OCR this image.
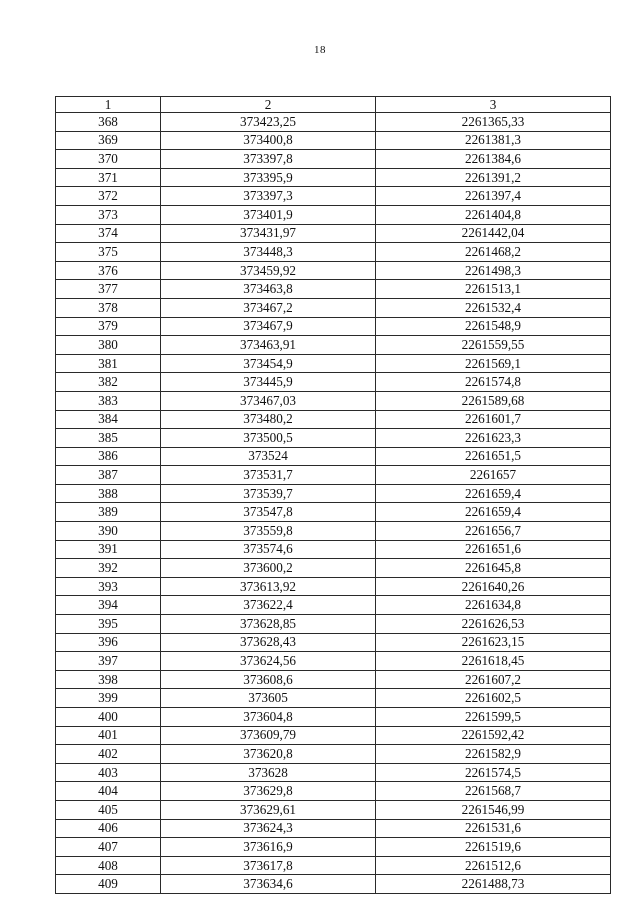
18
1	2	3
368	373423,25	2261365,33
369	373400,8	2261381,3
370	373397,8	2261384,6
371	373395,9	2261391,2
372	373397,3	2261397,4
373	373401,9	2261404,8
374	373431,97	2261442,04
375	373448,3	2261468,2
376	373459,92	2261498,3
377	373463,8	2261513,1
378	373467,2	2261532,4
379	373467,9	2261548,9
380	373463,91	2261559,55
381	373454,9	2261569,1
382	373445,9	2261574,8
383	373467,03	2261589,68
384	373480,2	2261601,7
385	373500,5	2261623,3
386	373524	2261651,5
387	373531,7	2261657
388	373539,7	2261659,4
389	373547,8	2261659,4
390	373559,8	2261656,7
391	373574,6	2261651,6
392	373600,2	2261645,8
393	373613,92	2261640,26
394	373622,4	2261634,8
395	373628,85	2261626,53
396	373628,43	2261623,15
397	373624,56	2261618,45
398	373608,6	2261607,2
399	373605	2261602,5
400	373604,8	2261599,5
401	373609,79	2261592,42
402	373620,8	2261582,9
403	373628	2261574,5
404	373629,8	2261568,7
405	373629,61	2261546,99
406	373624,3	2261531,6
407	373616,9	2261519,6
408	373617,8	2261512,6
409	373634,6	2261488,73
